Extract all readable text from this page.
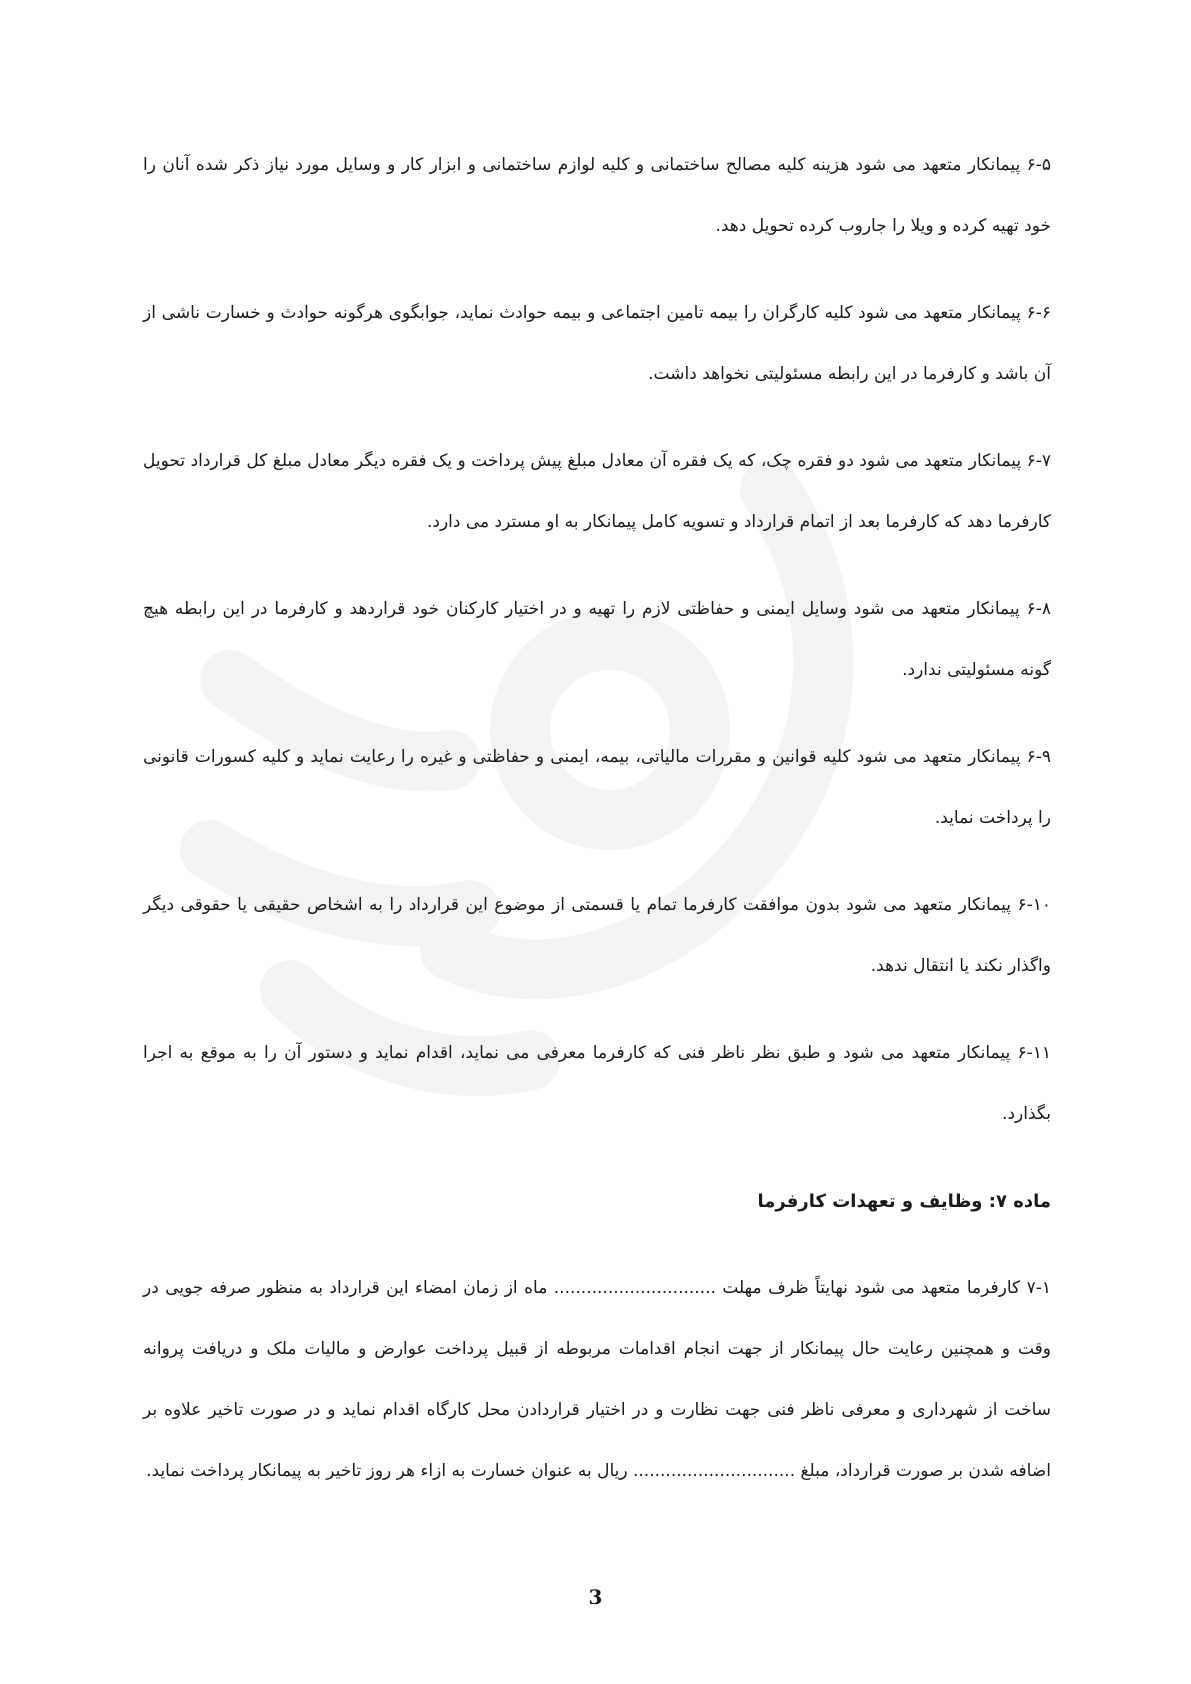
۶-۵ پیمانکار متعهد می شود هزینه کلیه مصالح ساختمانی و کلیه لوازم ساختمانی و ابزار کار و وسایل مورد نیاز ذکر شده آنان را خود تهیه کرده و ویلا را جاروب کرده تحویل دهد.

۶-۶ پیمانکار متعهد می شود کلیه کارگران را بیمه تامین اجتماعی و بیمه حوادث نماید، جوابگوی هرگونه حوادث و خسارت ناشی از آن باشد و کارفرما در این رابطه مسئولیتی نخواهد داشت.

۶-۷ پیمانکار متعهد می شود دو فقره چک، که یک فقره آن معادل مبلغ پیش پرداخت و یک فقره دیگر معادل مبلغ کل قرارداد تحویل کارفرما دهد که کارفرما بعد از اتمام قرارداد و تسویه کامل پیمانکار به او مسترد می دارد.

۶-۸ پیمانکار متعهد می شود وسایل ایمنی و حفاظتی لازم را تهیه و در اختیار کارکنان خود قراردهد و کارفرما در این رابطه هیچ گونه مسئولیتی ندارد.

۶-۹ پیمانکار متعهد می شود کلیه قوانین و مقررات مالیاتی، بیمه، ایمنی و حفاظتی و غیره را رعایت نماید و کلیه کسورات قانونی را پرداخت نماید.

۶-۱۰ پیمانکار متعهد می شود بدون موافقت کارفرما تمام یا قسمتی از موضوع این قرارداد را به اشخاص حقیقی یا حقوقی دیگر واگذار نکند یا انتقال ندهد.

۶-۱۱ پیمانکار متعهد می شود و طبق نظر ناظر فنی که کارفرما معرفی می نماید، اقدام نماید و دستور آن را به موقع به اجرا بگذارد.

ماده ۷: وظایف و تعهدات کارفرما

۷-۱ کارفرما متعهد می شود نهایتاً ظرف مهلت .............................. ماه از زمان امضاء این قرارداد به منظور صرفه جویی در وقت و همچنین رعایت حال پیمانکار از جهت انجام اقدامات مربوطه از قبیل پرداخت عوارض و مالیات ملک و دریافت پروانه ساخت از شهرداری و معرفی ناظر فنی جهت نظارت و در اختیار قراردادن محل کارگاه اقدام نماید و در صورت تاخیر علاوه بر اضافه شدن بر صورت قرارداد، مبلغ .............................. ریال به عنوان خسارت به ازاء هر روز تاخیر به پیمانکار پرداخت نماید.

3
